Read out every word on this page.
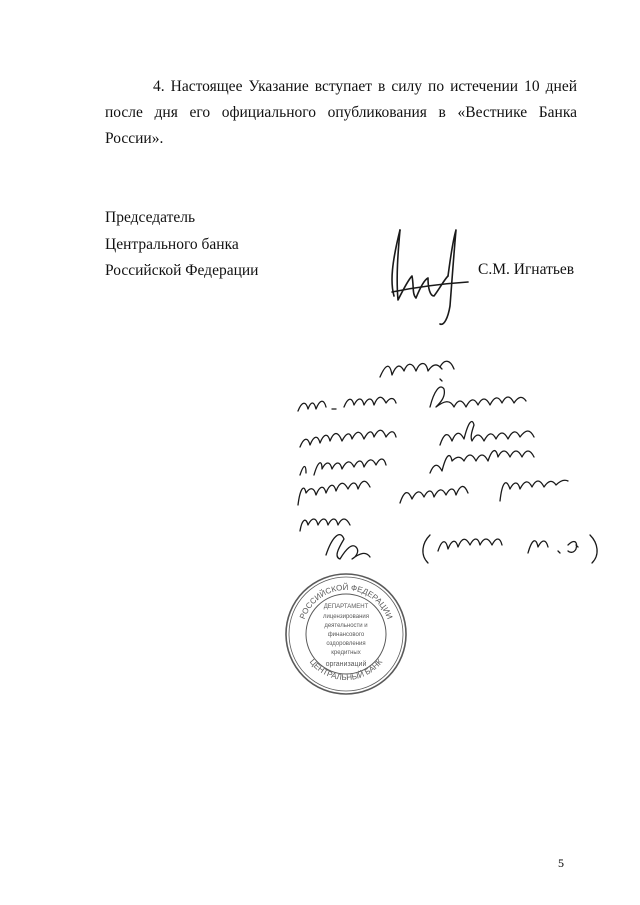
4. Настоящее Указание вступает в силу по истечении 10 дней после дня его официального опубликования в «Вестнике Банка России».

Председатель
Центрального банка
Российской Федерации	С.М. Игнатьев
РОССИЙСКОЙ ФЕДЕРАЦИИ
ЦЕНТРАЛЬНЫЙ БАНК
ДЕПАРТАМЕНТ
лицензирования
деятельности и
финансового
оздоровления
кредитных
организаций
5
